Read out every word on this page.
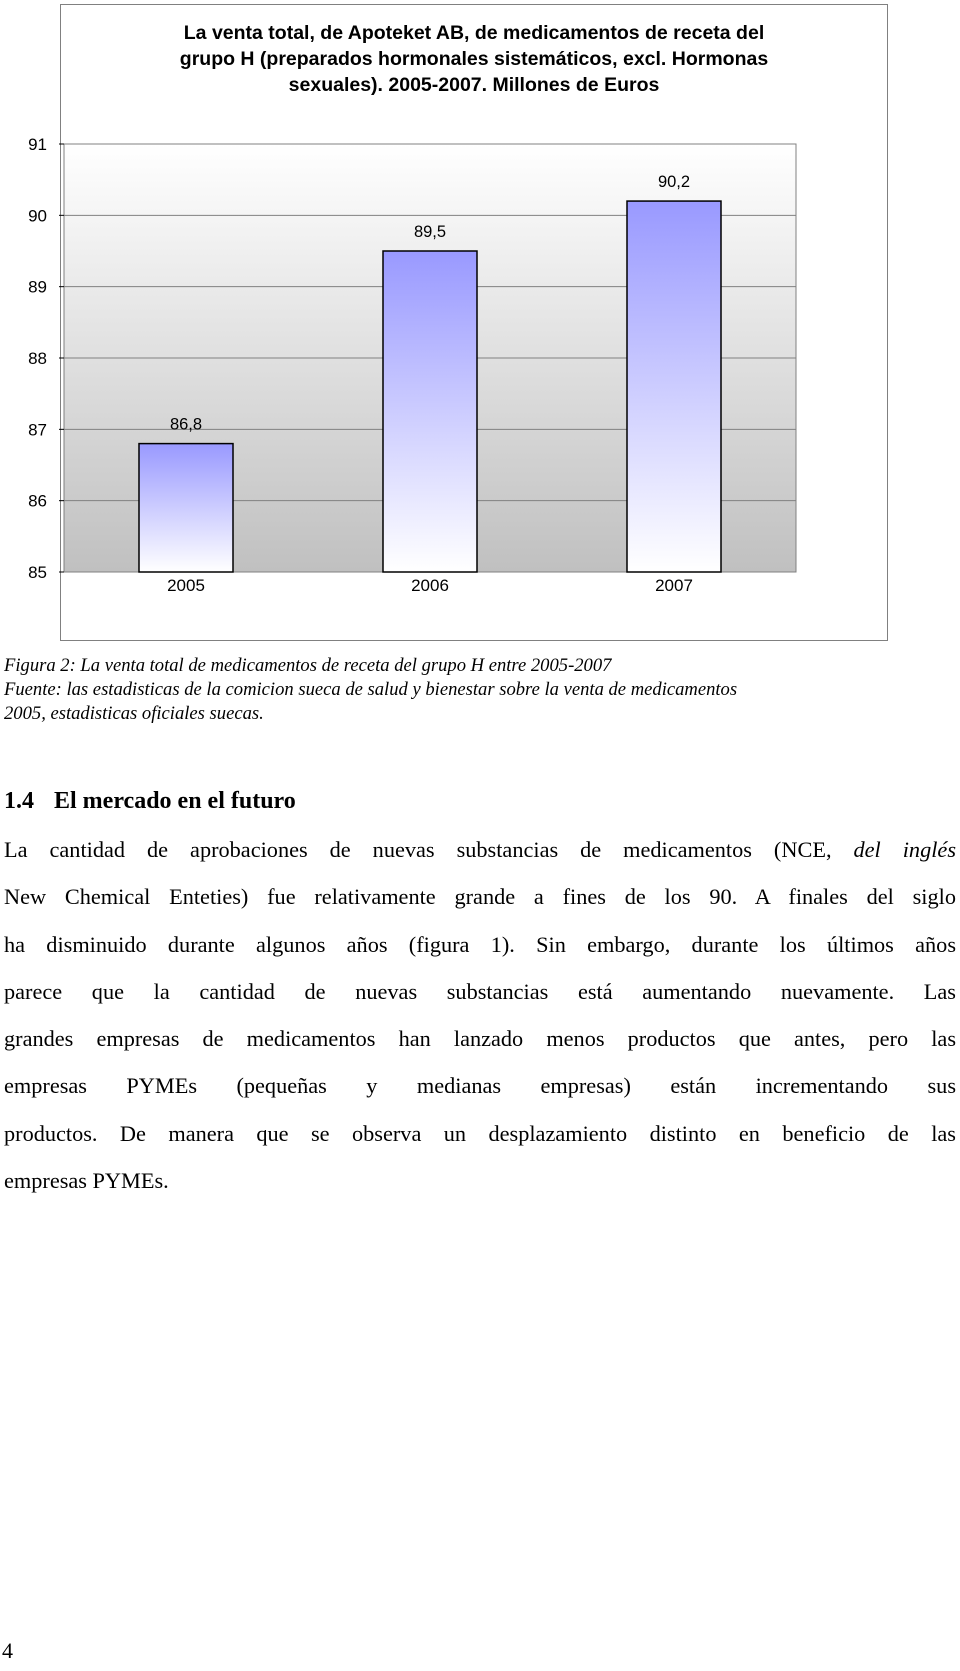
La venta total, de Apoteket AB, de medicamentos de receta del
grupo H (preparados hormonales sistemáticos, excl. Hormonas
sexuales). 2005-2007. Millones de Euros
85
86
87
88
89
90
91
86,8
89,5
90,2
2005	2006	2007
Figura 2: La venta total de medicamentos de receta del grupo H entre 2005-2007
Fuente: las estadisticas de la comicion sueca de salud y bienestar sobre la venta de medicamentos
2005, estadisticas oficiales suecas.
1.4 El mercado en el futuro

La cantidad de aprobaciones de nuevas substancias de medicamentos (NCE, del inglés
New Chemical Enteties) fue relativamente grande a fines de los 90. A finales del siglo
ha disminuido durante algunos años (figura 1). Sin embargo, durante los últimos años
parece que la cantidad de nuevas substancias está aumentando nuevamente. Las
grandes empresas de medicamentos han lanzado menos productos que antes, pero las
empresas PYMEs (pequeñas y medianas empresas) están incrementando sus
productos. De manera que se observa un desplazamiento distinto en beneficio de las
empresas PYMEs.

4
